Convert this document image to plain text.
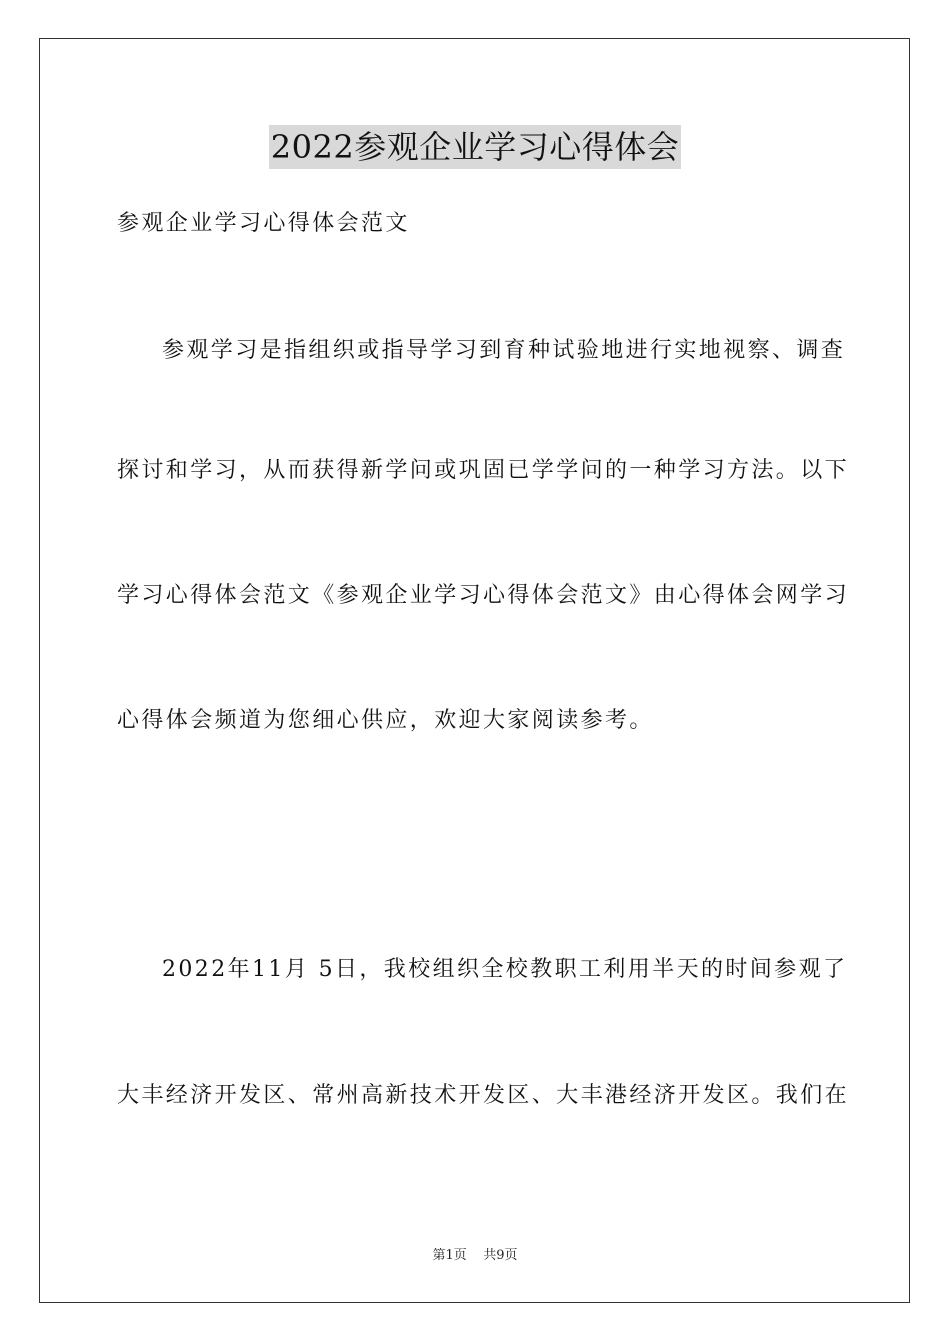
2022参观企业学习心得体会
参观企业学习心得体会范文
参观学习是指组织或指导学习到育种试验地进行实地视察、调查
探讨和学习，从而获得新学问或巩固已学学问的一种学习方法。以下
学习心得体会范文《参观企业学习心得体会范文》由心得体会网学习
心得体会频道为您细心供应，欢迎大家阅读参考。
2022年11月 5日，我校组织全校教职工利用半天的时间参观了
大丰经济开发区、常州高新技术开发区、大丰港经济开发区。我们在
第1页 共9页
